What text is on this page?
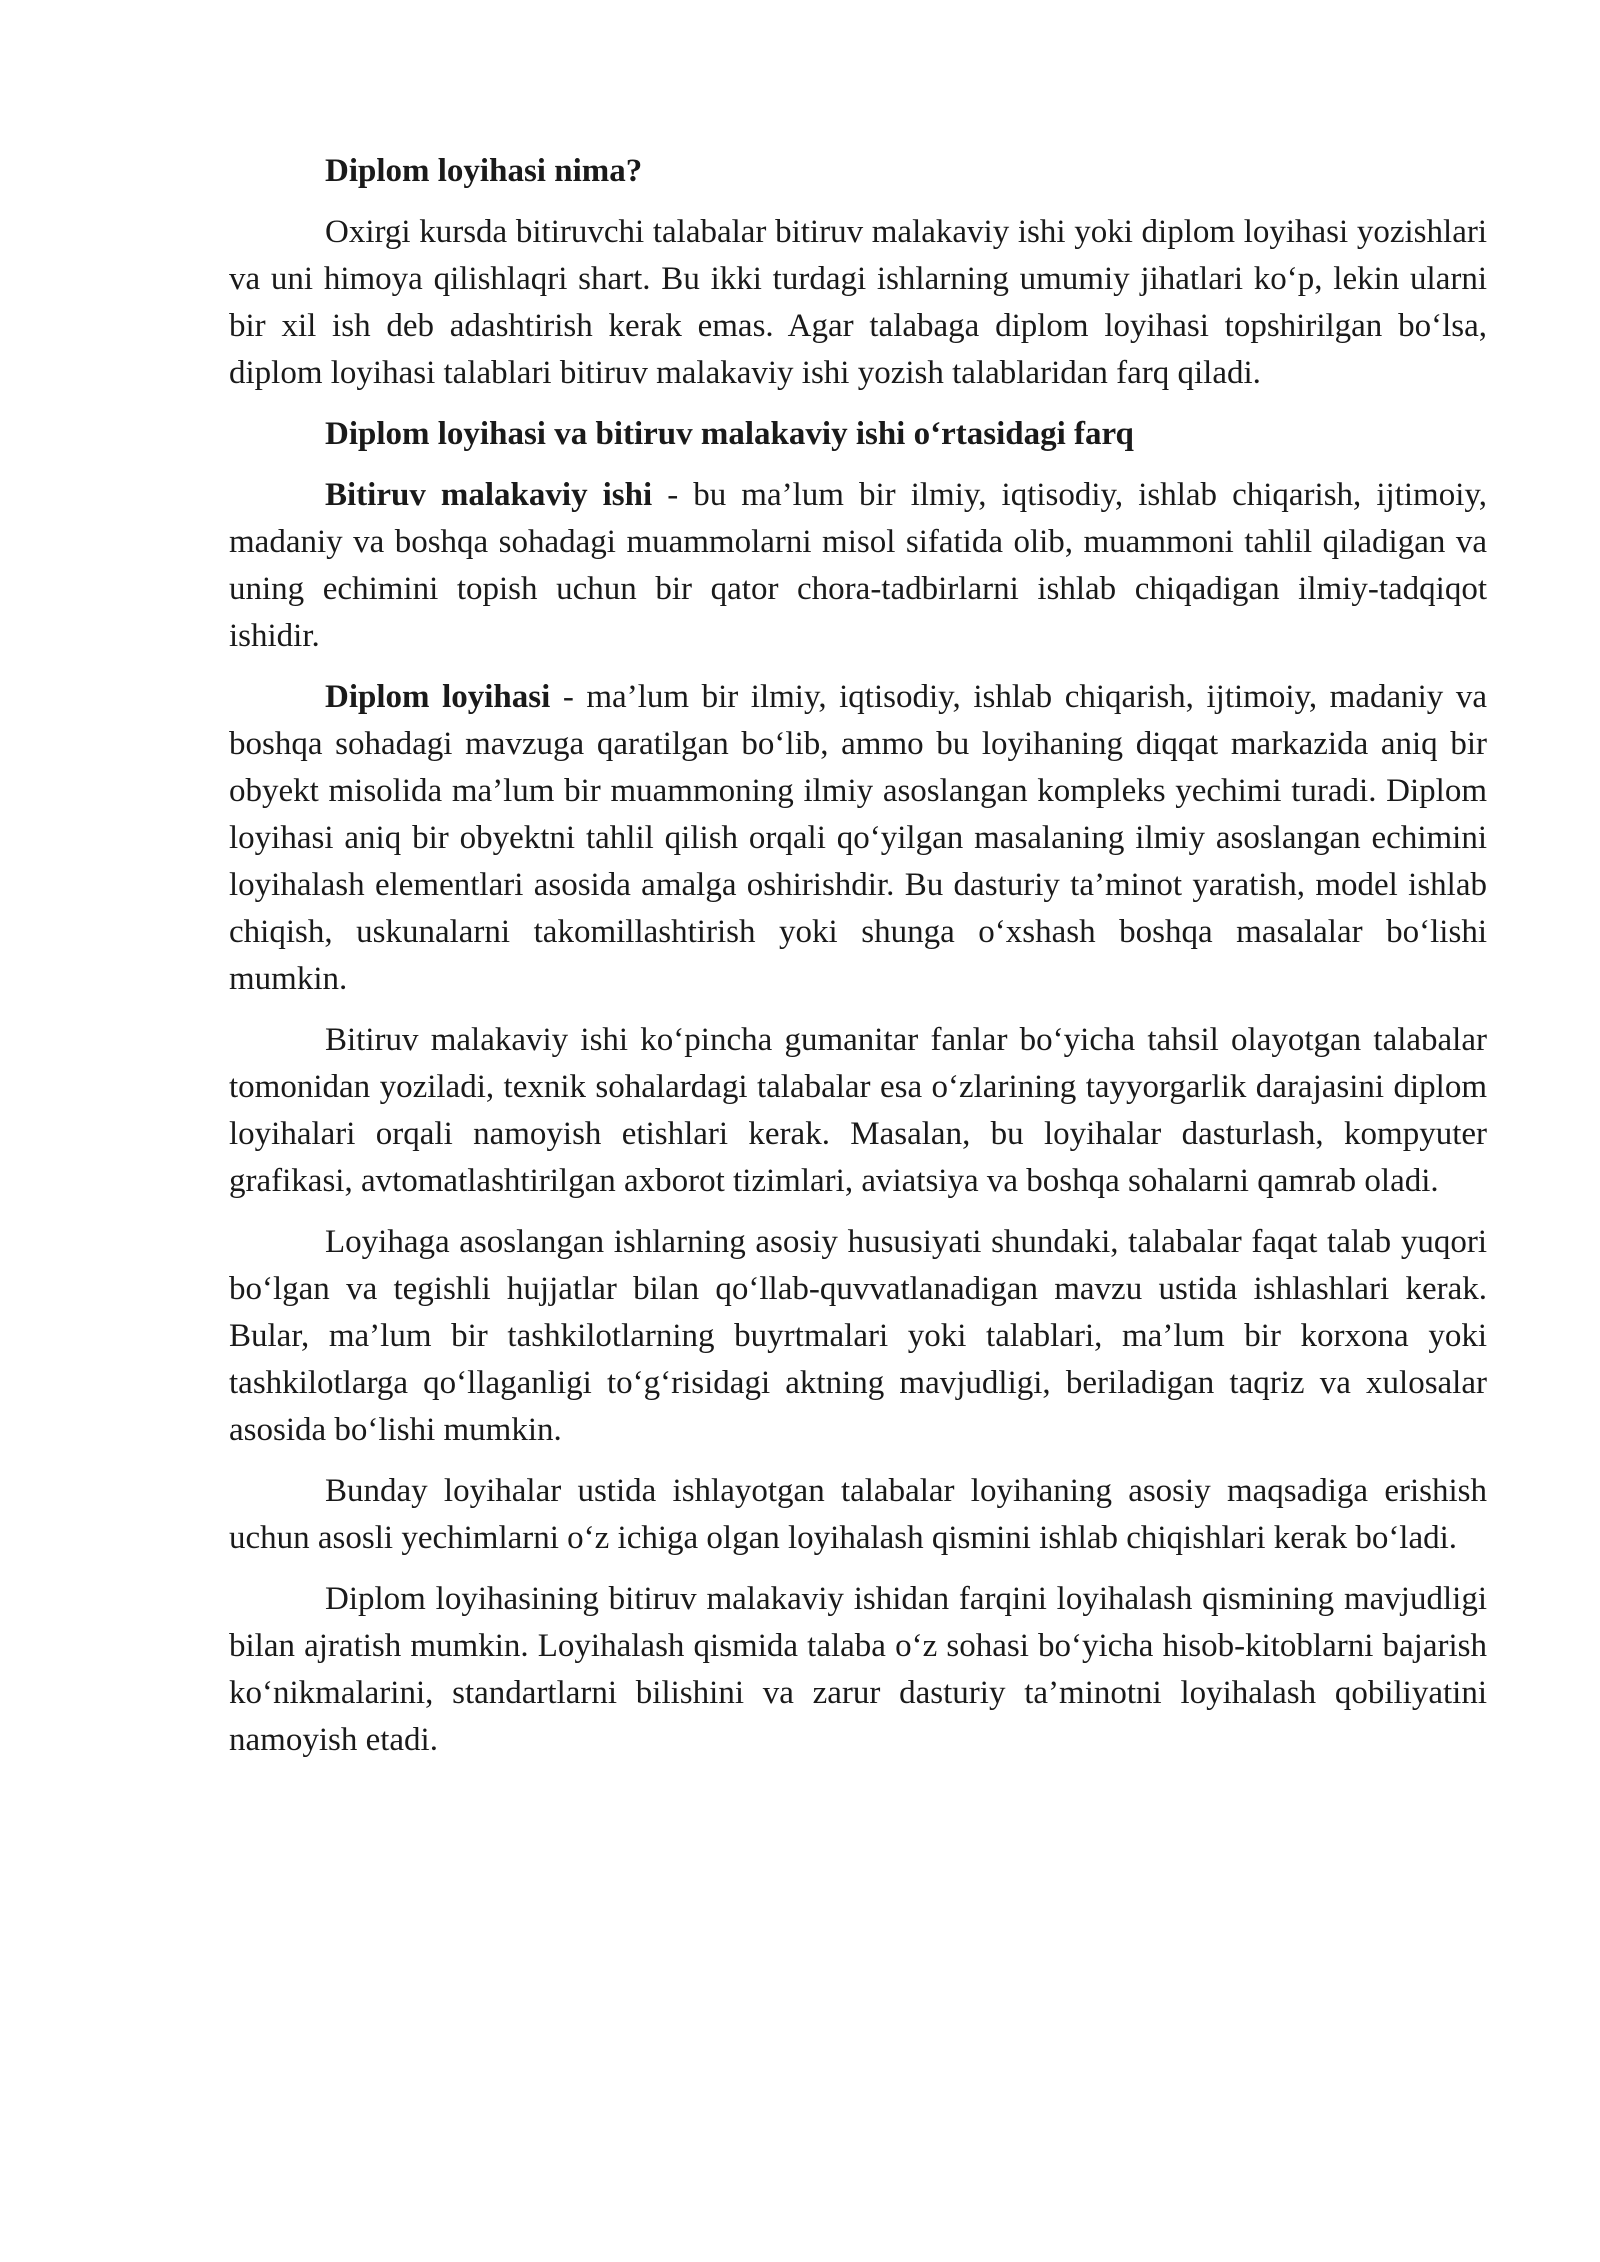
Diplom loyihasi nima?

Oxirgi kursda bitiruvchi talabalar bitiruv malakaviy ishi yoki diplom loyihasi yozishlari va uni himoya qilishlaqri shart. Bu ikki turdagi ishlarning umumiy jihatlari ko‘p, lekin ularni bir xil ish deb adashtirish kerak emas. Agar talabaga diplom loyihasi topshirilgan bo‘lsa, diplom loyihasi talablari bitiruv malakaviy ishi yozish talablaridan farq qiladi.

Diplom loyihasi va bitiruv malakaviy ishi o‘rtasidagi farq

Bitiruv malakaviy ishi - bu ma’lum bir ilmiy, iqtisodiy, ishlab chiqarish, ijtimoiy, madaniy va boshqa sohadagi muammolarni misol sifatida olib, muammoni tahlil qiladigan va uning echimini topish uchun bir qator chora-tadbirlarni ishlab chiqadigan ilmiy-tadqiqot ishidir.

Diplom loyihasi - ma’lum bir ilmiy, iqtisodiy, ishlab chiqarish, ijtimoiy, madaniy va boshqa sohadagi mavzuga qaratilgan bo‘lib, ammo bu loyihaning diqqat markazida aniq bir obyekt misolida ma’lum bir muammoning ilmiy asoslangan kompleks yechimi turadi. Diplom loyihasi aniq bir obyektni tahlil qilish orqali qo‘yilgan masalaning ilmiy asoslangan echimini loyihalash elementlari asosida amalga oshirishdir. Bu dasturiy ta’minot yaratish, model ishlab chiqish, uskunalarni takomillashtirish yoki shunga o‘xshash boshqa masalalar bo‘lishi mumkin.

Bitiruv malakaviy ishi ko‘pincha gumanitar fanlar bo‘yicha tahsil olayotgan talabalar tomonidan yoziladi, texnik sohalardagi talabalar esa o‘zlarining tayyorgarlik darajasini diplom loyihalari orqali namoyish etishlari kerak. Masalan, bu loyihalar dasturlash, kompyuter grafikasi, avtomatlashtirilgan axborot tizimlari, aviatsiya va boshqa sohalarni qamrab oladi.

Loyihaga asoslangan ishlarning asosiy hususiyati shundaki, talabalar faqat talab yuqori bo‘lgan va tegishli hujjatlar bilan qo‘llab-quvvatlanadigan mavzu ustida ishlashlari kerak. Bular, ma’lum bir tashkilotlarning buyrtmalari yoki talablari, ma’lum bir korxona yoki tashkilotlarga qo‘llaganligi to‘g‘risidagi aktning mavjudligi, beriladigan taqriz va xulosalar asosida bo‘lishi mumkin.

Bunday loyihalar ustida ishlayotgan talabalar loyihaning asosiy maqsadiga erishish uchun asosli yechimlarni o‘z ichiga olgan loyihalash qismini ishlab chiqishlari kerak bo‘ladi.

Diplom loyihasining bitiruv malakaviy ishidan farqini loyihalash qismining mavjudligi bilan ajratish mumkin. Loyihalash qismida talaba o‘z sohasi bo‘yicha hisob-kitoblarni bajarish ko‘nikmalarini, standartlarni bilishini va zarur dasturiy ta’minotni loyihalash qobiliyatini namoyish etadi.
